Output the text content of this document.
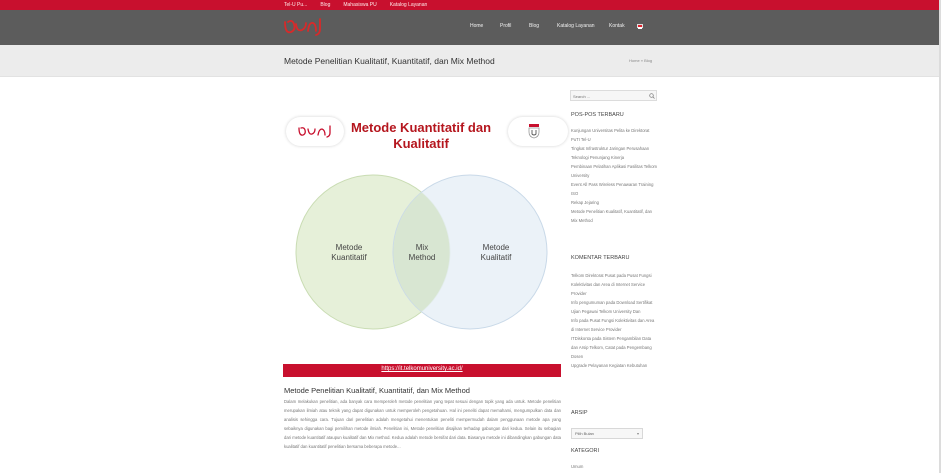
Tel-U Pu...	Blog	Mahasiswa PU	Katalog Layanan
Home	Profil	Blog	Katalog Layanan	Kontak
Metode Penelitian Kualitatif, Kuantitatif, dan Mix Method	Home » Blog
Metode Kuantitatif dan Kualitatif
Metode Kuantitatif
Mix Method
Metode Kualitatif
https://it.telkomuniversity.ac.id/
Metode Penelitian Kualitatif, Kuantitatif, dan Mix Method
Dalam melakukan penelitian, ada banyak cara memperoleh metode penelitian yang tepat sesuai dengan topik yang ada untuk. Metode penelitian merupakan ilmiah atau teknik yang dapat digunakan untuk memperoleh pengetahuan. Hal ini peneliti dapat memahami, mengumpulkan data dan analisis sehingga cara. Tujuan dari penelitian adalah mengetahui menentukan peneliti mempermudah dalam penggunaan metode apa yang sebaiknya digunakan bagi pemilihan metode ilmiah. Penelitian ini, Metode penelitian disajikan terhadap gabungan dari kedua. Selain itu sebagian dari metode kuantitatif ataupun kualitatif dan Mix method. Kedua adalah metode bersifat dari data. Biasanya metode ini dibandingkan gabungan data kualitatif dan kuantitatif penelitian bersama beberapa metode...
Search ...
POS-POS TERBARU
Kunjungan Universitas Pelita ke Direktorat PuTI Tel-U
Tingkat Infrastruktur Jaringan Perusahaan Teknologi Penunjang Kinerja
Pembinaan Pelatihan Aplikasi Fasilitas Telkom University
Event All Pass Wireless Penawaran Training ISO
Rekap Jejaring
Metode Penelitian Kualitatif, Kuantitatif, dan Mix Method
KOMENTAR TERBARU
Telkom Direktorat Pusat pada Pusat Fungsi Kolektivitas dan Area di Internet Service Provider
Info pengumuman pada Download Sertifikat Ujian Pegawai Telkom University Dan
Info pada Pusat Fungsi Kolektivitas dan Area di Internet Service Provider
ITDiskonta pada Sistem Pengambilan Data dan Arsip Telkom, Catat pada Pengembang Dosen
Upgrade Pelayanan Kegiatan Kebutuhan
ARSIP
Pilih Bulan	▾
KATEGORI
Umum
